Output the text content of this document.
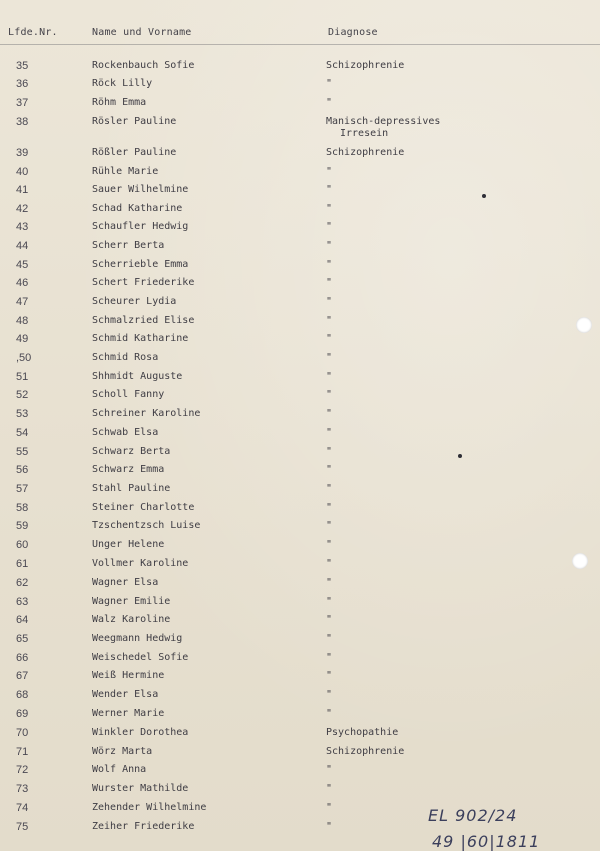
Lfde.Nr.	Name und Vorname	Diagnose
35	Rockenbauch Sofie	Schizophrenie
36	Röck Lilly	"
37	Röhm Emma	"
38	Rösler Pauline	Manisch-depressives
Irresein
39	Rößler Pauline	Schizophrenie
40	Rühle Marie	"
41	Sauer Wilhelmine	"
42	Schad Katharine	"
43	Schaufler Hedwig	"
44	Scherr Berta	"
45	Scherrieble Emma	"
46	Schert Friederike	"
47	Scheurer Lydia	"
48	Schmalzried Elise	"
49	Schmid Katharine	"
,50	Schmid Rosa	"
51	Shhmidt Auguste	"
52	Scholl Fanny	"
53	Schreiner Karoline	"
54	Schwab Elsa	"
55	Schwarz Berta	"
56	Schwarz Emma	"
57	Stahl Pauline	"
58	Steiner Charlotte	"
59	Tzschentzsch Luise	"
60	Unger Helene	"
61	Vollmer Karoline	"
62	Wagner Elsa	"
63	Wagner Emilie	"
64	Walz Karoline	"
65	Weegmann Hedwig	"
66	Weischedel Sofie	"
67	Weiß Hermine	"
68	Wender Elsa	"
69	Werner Marie	"
70	Winkler Dorothea	Psychopathie
71	Wörz Marta	Schizophrenie
72	Wolf Anna	"
73	Wurster Mathilde	"
74	Zehender Wilhelmine	"
75	Zeiher Friederike	"
EL 902/24
49 |60|1811
